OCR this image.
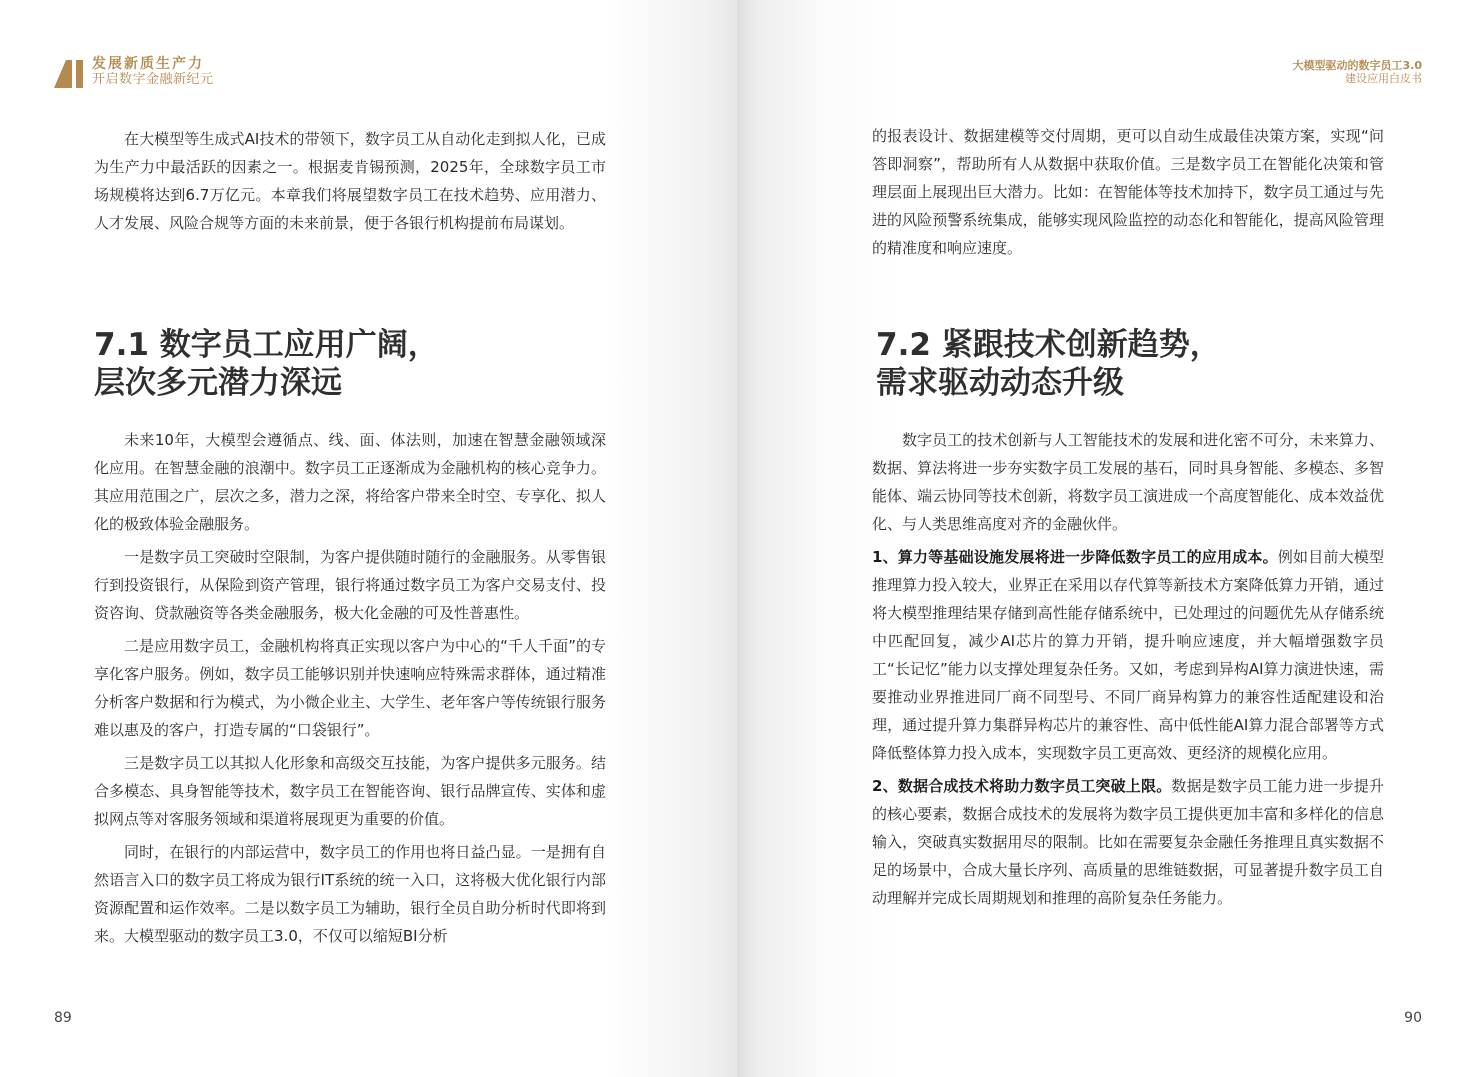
发展新质生产力
开启数字金融新纪元

在大模型等生成式AI技术的带领下，数字员工从自动化走到拟人化，已成为生产力中最活跃的因素之一。根据麦肯锡预测，2025年，全球数字员工市场规模将达到6.7万亿元。本章我们将展望数字员工在技术趋势、应用潜力、人才发展、风险合规等方面的未来前景，便于各银行机构提前布局谋划。

7.1 数字员工应用广阔，
层次多元潜力深远

未来10年，大模型会遵循点、线、面、体法则，加速在智慧金融领域深化应用。在智慧金融的浪潮中。数字员工正逐渐成为金融机构的核心竞争力。其应用范围之广，层次之多，潜力之深，将给客户带来全时空、专享化、拟人化的极致体验金融服务。

一是数字员工突破时空限制，为客户提供随时随行的金融服务。从零售银行到投资银行，从保险到资产管理，银行将通过数字员工为客户交易支付、投资咨询、贷款融资等各类金融服务，极大化金融的可及性普惠性。

二是应用数字员工，金融机构将真正实现以客户为中心的“千人千面”的专享化客户服务。例如，数字员工能够识别并快速响应特殊需求群体，通过精准分析客户数据和行为模式，为小微企业主、大学生、老年客户等传统银行服务难以惠及的客户，打造专属的“口袋银行”。

三是数字员工以其拟人化形象和高级交互技能，为客户提供多元服务。结合多模态、具身智能等技术，数字员工在智能咨询、银行品牌宣传、实体和虚拟网点等对客服务领域和渠道将展现更为重要的价值。

同时，在银行的内部运营中，数字员工的作用也将日益凸显。一是拥有自然语言入口的数字员工将成为银行IT系统的统一入口，这将极大优化银行内部资源配置和运作效率。二是以数字员工为辅助，银行全员自助分析时代即将到来。大模型驱动的数字员工3.0，不仅可以缩短BI分析

89
大模型驱动的数字员工3.0
建设应用白皮书

的报表设计、数据建模等交付周期，更可以自动生成最佳决策方案，实现“问答即洞察”，帮助所有人从数据中获取价值。三是数字员工在智能化决策和管理层面上展现出巨大潜力。比如：在智能体等技术加持下，数字员工通过与先进的风险预警系统集成，能够实现风险监控的动态化和智能化，提高风险管理的精准度和响应速度。

7.2 紧跟技术创新趋势，
需求驱动动态升级

数字员工的技术创新与人工智能技术的发展和进化密不可分，未来算力、数据、算法将进一步夯实数字员工发展的基石，同时具身智能、多模态、多智能体、端云协同等技术创新，将数字员工演进成一个高度智能化、成本效益优化、与人类思维高度对齐的金融伙伴。

1、算力等基础设施发展将进一步降低数字员工的应用成本。例如目前大模型推理算力投入较大，业界正在采用以存代算等新技术方案降低算力开销，通过将大模型推理结果存储到高性能存储系统中，已处理过的问题优先从存储系统中匹配回复，减少AI芯片的算力开销，提升响应速度，并大幅增强数字员工“长记忆”能力以支撑处理复杂任务。又如，考虑到异构AI算力演进快速，需要推动业界推进同厂商不同型号、不同厂商异构算力的兼容性适配建设和治理，通过提升算力集群异构芯片的兼容性、高中低性能AI算力混合部署等方式降低整体算力投入成本，实现数字员工更高效、更经济的规模化应用。

2、数据合成技术将助力数字员工突破上限。数据是数字员工能力进一步提升的核心要素，数据合成技术的发展将为数字员工提供更加丰富和多样化的信息输入，突破真实数据用尽的限制。比如在需要复杂金融任务推理且真实数据不足的场景中，合成大量长序列、高质量的思维链数据，可显著提升数字员工自动理解并完成长周期规划和推理的高阶复杂任务能力。

90
